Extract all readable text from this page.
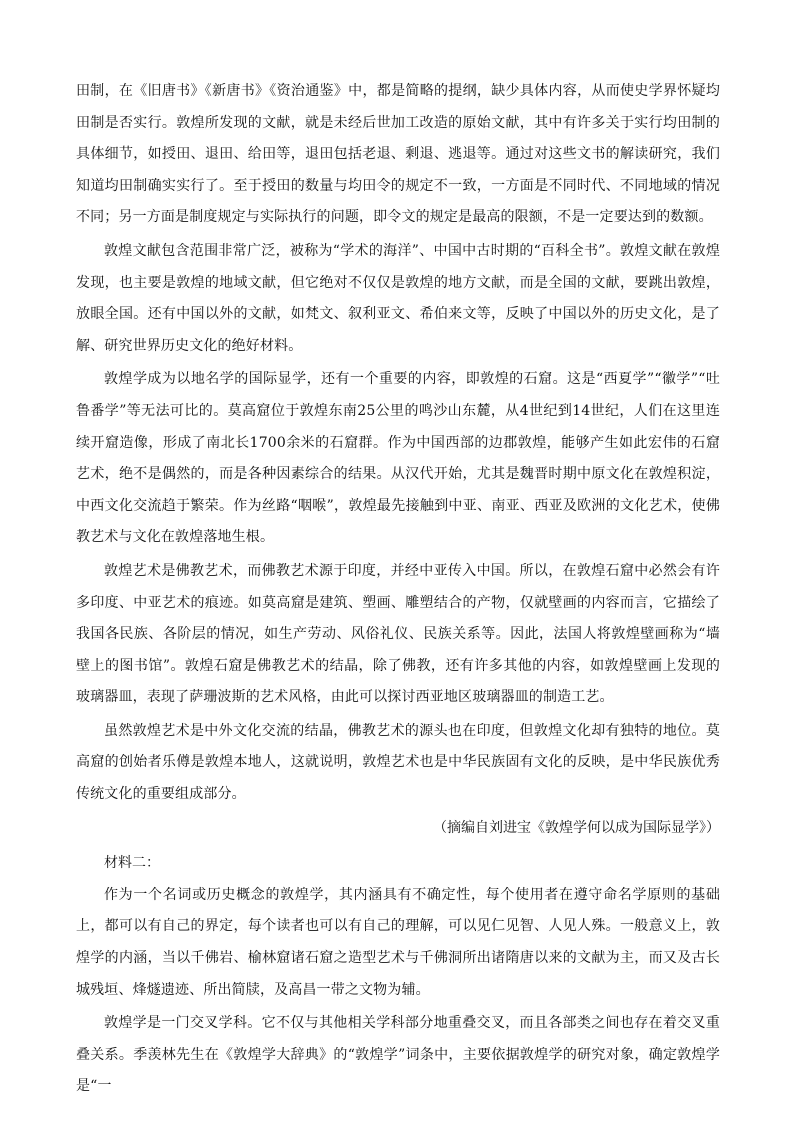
田制，在《旧唐书》《新唐书》《资治通鉴》中，都是简略的提纲，缺少具体内容，从而使史学界怀疑均田制是否实行。敦煌所发现的文献，就是未经后世加工改造的原始文献，其中有许多关于实行均田制的具体细节，如授田、退田、给田等，退田包括老退、剩退、逃退等。通过对这些文书的解读研究，我们知道均田制确实实行了。至于授田的数量与均田令的规定不一致，一方面是不同时代、不同地域的情况不同；另一方面是制度规定与实际执行的问题，即令文的规定是最高的限额，不是一定要达到的数额。

敦煌文献包含范围非常广泛，被称为“学术的海洋”、中国中古时期的“百科全书”。敦煌文献在敦煌发现，也主要是敦煌的地域文献，但它绝对不仅仅是敦煌的地方文献，而是全国的文献，要跳出敦煌，放眼全国。还有中国以外的文献，如梵文、叙利亚文、希伯来文等，反映了中国以外的历史文化，是了解、研究世界历史文化的绝好材料。

敦煌学成为以地名学的国际显学，还有一个重要的内容，即敦煌的石窟。这是“西夏学”“徽学”“吐鲁番学”等无法可比的。莫高窟位于敦煌东南25公里的鸣沙山东麓，从4世纪到14世纪，人们在这里连续开窟造像，形成了南北长1700余米的石窟群。作为中国西部的边郡敦煌，能够产生如此宏伟的石窟艺术，绝不是偶然的，而是各种因素综合的结果。从汉代开始，尤其是魏晋时期中原文化在敦煌积淀，中西文化交流趋于繁荣。作为丝路“咽喉”，敦煌最先接触到中亚、南亚、西亚及欧洲的文化艺术，使佛教艺术与文化在敦煌落地生根。

敦煌艺术是佛教艺术，而佛教艺术源于印度，并经中亚传入中国。所以，在敦煌石窟中必然会有许多印度、中亚艺术的痕迹。如莫高窟是建筑、塑画、雕塑结合的产物，仅就壁画的内容而言，它描绘了我国各民族、各阶层的情况，如生产劳动、风俗礼仪、民族关系等。因此，法国人将敦煌壁画称为“墙壁上的图书馆”。敦煌石窟是佛教艺术的结晶，除了佛教，还有许多其他的内容，如敦煌壁画上发现的玻璃器皿，表现了萨珊波斯的艺术风格，由此可以探讨西亚地区玻璃器皿的制造工艺。

虽然敦煌艺术是中外文化交流的结晶，佛教艺术的源头也在印度，但敦煌文化却有独特的地位。莫高窟的创始者乐僔是敦煌本地人，这就说明，敦煌艺术也是中华民族固有文化的反映，是中华民族优秀传统文化的重要组成部分。

（摘编自刘进宝《敦煌学何以成为国际显学》）

材料二：

作为一个名词或历史概念的敦煌学，其内涵具有不确定性，每个使用者在遵守命名学原则的基础上，都可以有自己的界定，每个读者也可以有自己的理解，可以见仁见智、人见人殊。一般意义上，敦煌学的内涵，当以千佛岩、榆林窟诸石窟之造型艺术与千佛洞所出诸隋唐以来的文献为主，而又及古长城残垣、烽燧遗迹、所出简牍，及高昌一带之文物为辅。

敦煌学是一门交叉学科。它不仅与其他相关学科部分地重叠交叉，而且各部类之间也存在着交叉重叠关系。季羡林先生在《敦煌学大辞典》的“敦煌学”词条中，主要依据敦煌学的研究对象，确定敦煌学是“一
